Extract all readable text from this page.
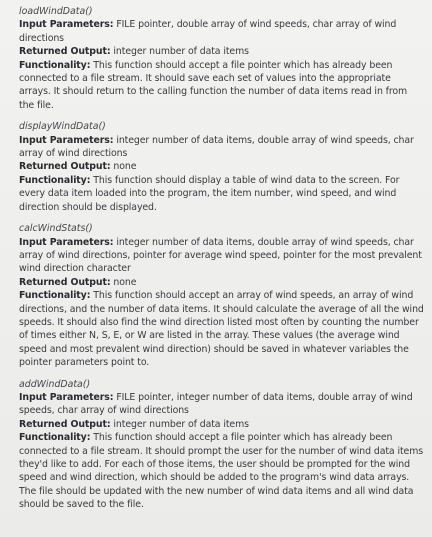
loadWindData()

Input Parameters: FILE pointer, double array of wind speeds, char array of wind directions

Returned Output: integer number of data items

Functionality: This function should accept a file pointer which has already been connected to a file stream. It should save each set of values into the appropriate arrays. It should return to the calling function the number of data items read in from the file.

displayWindData()

Input Parameters: integer number of data items, double array of wind speeds, char array of wind directions

Returned Output: none

Functionality: This function should display a table of wind data to the screen. For every data item loaded into the program, the item number, wind speed, and wind direction should be displayed.

calcWindStats()

Input Parameters: integer number of data items, double array of wind speeds, char array of wind directions, pointer for average wind speed, pointer for the most prevalent wind direction character

Returned Output: none

Functionality: This function should accept an array of wind speeds, an array of wind directions, and the number of data items. It should calculate the average of all the wind speeds. It should also find the wind direction listed most often by counting the number of times either N, S, E, or W are listed in the array. These values (the average wind speed and most prevalent wind direction) should be saved in whatever variables the pointer parameters point to.

addWindData()

Input Parameters: FILE pointer, integer number of data items, double array of wind speeds, char array of wind directions

Returned Output: integer number of data items

Functionality: This function should accept a file pointer which has already been connected to a file stream. It should prompt the user for the number of wind data items they'd like to add. For each of those items, the user should be prompted for the wind speed and wind direction, which should be added to the program's wind data arrays. The file should be updated with the new number of wind data items and all wind data should be saved to the file.
